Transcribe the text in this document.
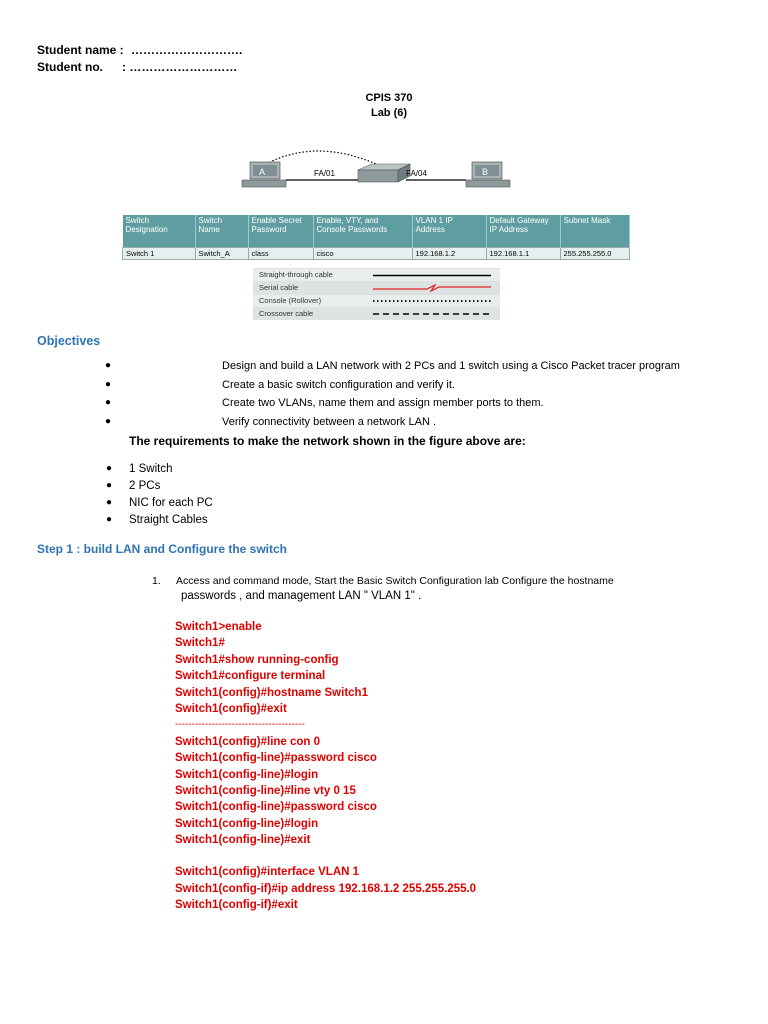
Student name : ……………………….
Student no. : ………………………
CPIS 370
Lab (6)
A	FA/01	FA/04	B
Switch Designation	Switch Name	Enable Secret Password	Enable, VTY, and Console Passwords	VLAN 1 IP Address	Default Gateway IP Address	Subnet Mask
Switch 1	Switch_A	class	cisco	192.168.1.2	192.168.1.1	255.255.255.0
Straight-through cable
Serial cable
Console (Rollover)
Crossover cable
Objectives
●	Design and build a LAN network with 2 PCs and 1 switch using a Cisco Packet tracer program
●	Create a basic switch configuration and verify it.
●	Create two VLANs, name them and assign member ports to them.
●	Verify connectivity between a network LAN .
The requirements to make the network shown in the figure above are:
● 1 Switch
● 2 PCs
● NIC for each PC
● Straight Cables
Step 1 : build LAN and Configure the switch
1. Access and command mode, Start the Basic Switch Configuration lab Configure the hostname
passwords , and management LAN " VLAN 1" .
Switch1>enable
Switch1#
Switch1#show running-config
Switch1#configure terminal
Switch1(config)#hostname Switch1
Switch1(config)#exit
---------------------------------------
Switch1(config)#line con 0
Switch1(config-line)#password cisco
Switch1(config-line)#login
Switch1(config-line)#line vty 0 15
Switch1(config-line)#password cisco
Switch1(config-line)#login
Switch1(config-line)#exit
Switch1(config)#interface VLAN 1
Switch1(config-if)#ip address 192.168.1.2 255.255.255.0
Switch1(config-if)#exit
